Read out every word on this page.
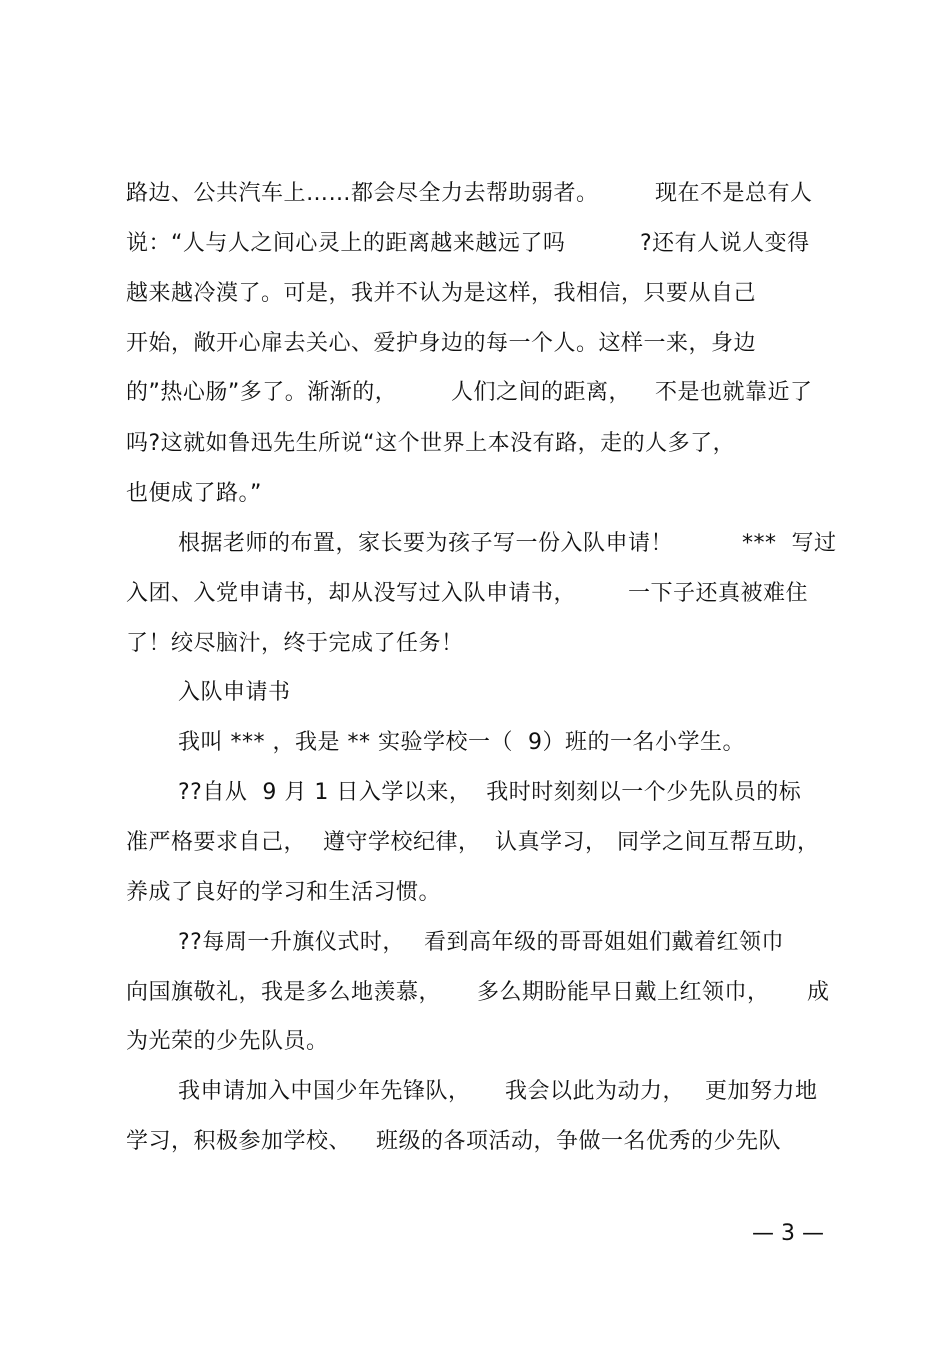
路边、公共汽车上……都会尽全力去帮助弱者。

	现在不是总有人

说：“人与人之间心灵上的距离越来越远了吗

	?还有人说人变得

越来越冷漠了。可是，我并不认为是这样，我相信，只要从自己

开始，敞开心扉去关心、爱护身边的每一个人。这样一来，身边

的”热心肠”多了。渐渐的，

人们之间的距离，

不是也就靠近了

吗?这就如鲁迅先生所说“这个世界上本没有路，走的人多了，

也便成了路。”

根据老师的布置，家长要为孩子写一份入队申请！

	***  写过

入团、入党申请书，却从没写过入队申请书，

一下子还真被难住

了！绞尽脑汁，终于完成了任务！

入队申请书

我叫 *** ，我是 ** 实验学校一（  9）班的一名小学生。

??自从  9 月 1 日入学以来，  我时时刻刻以一个少先队员的标

准严格要求自己，

遵守学校纪律，

认真学习，

同学之间互帮互助，

养成了良好的学习和生活习惯。

??每周一升旗仪式时，

看到高年级的哥哥姐姐们戴着红领巾

向国旗敬礼，我是多么地羡慕，

多么期盼能早日戴上红领巾，

成

为光荣的少先队员。

我申请加入中国少年先锋队，

我会以此为动力，

更加努力地

学习，积极参加学校、

班级的各项活动，争做一名优秀的少先队

— 3 —
